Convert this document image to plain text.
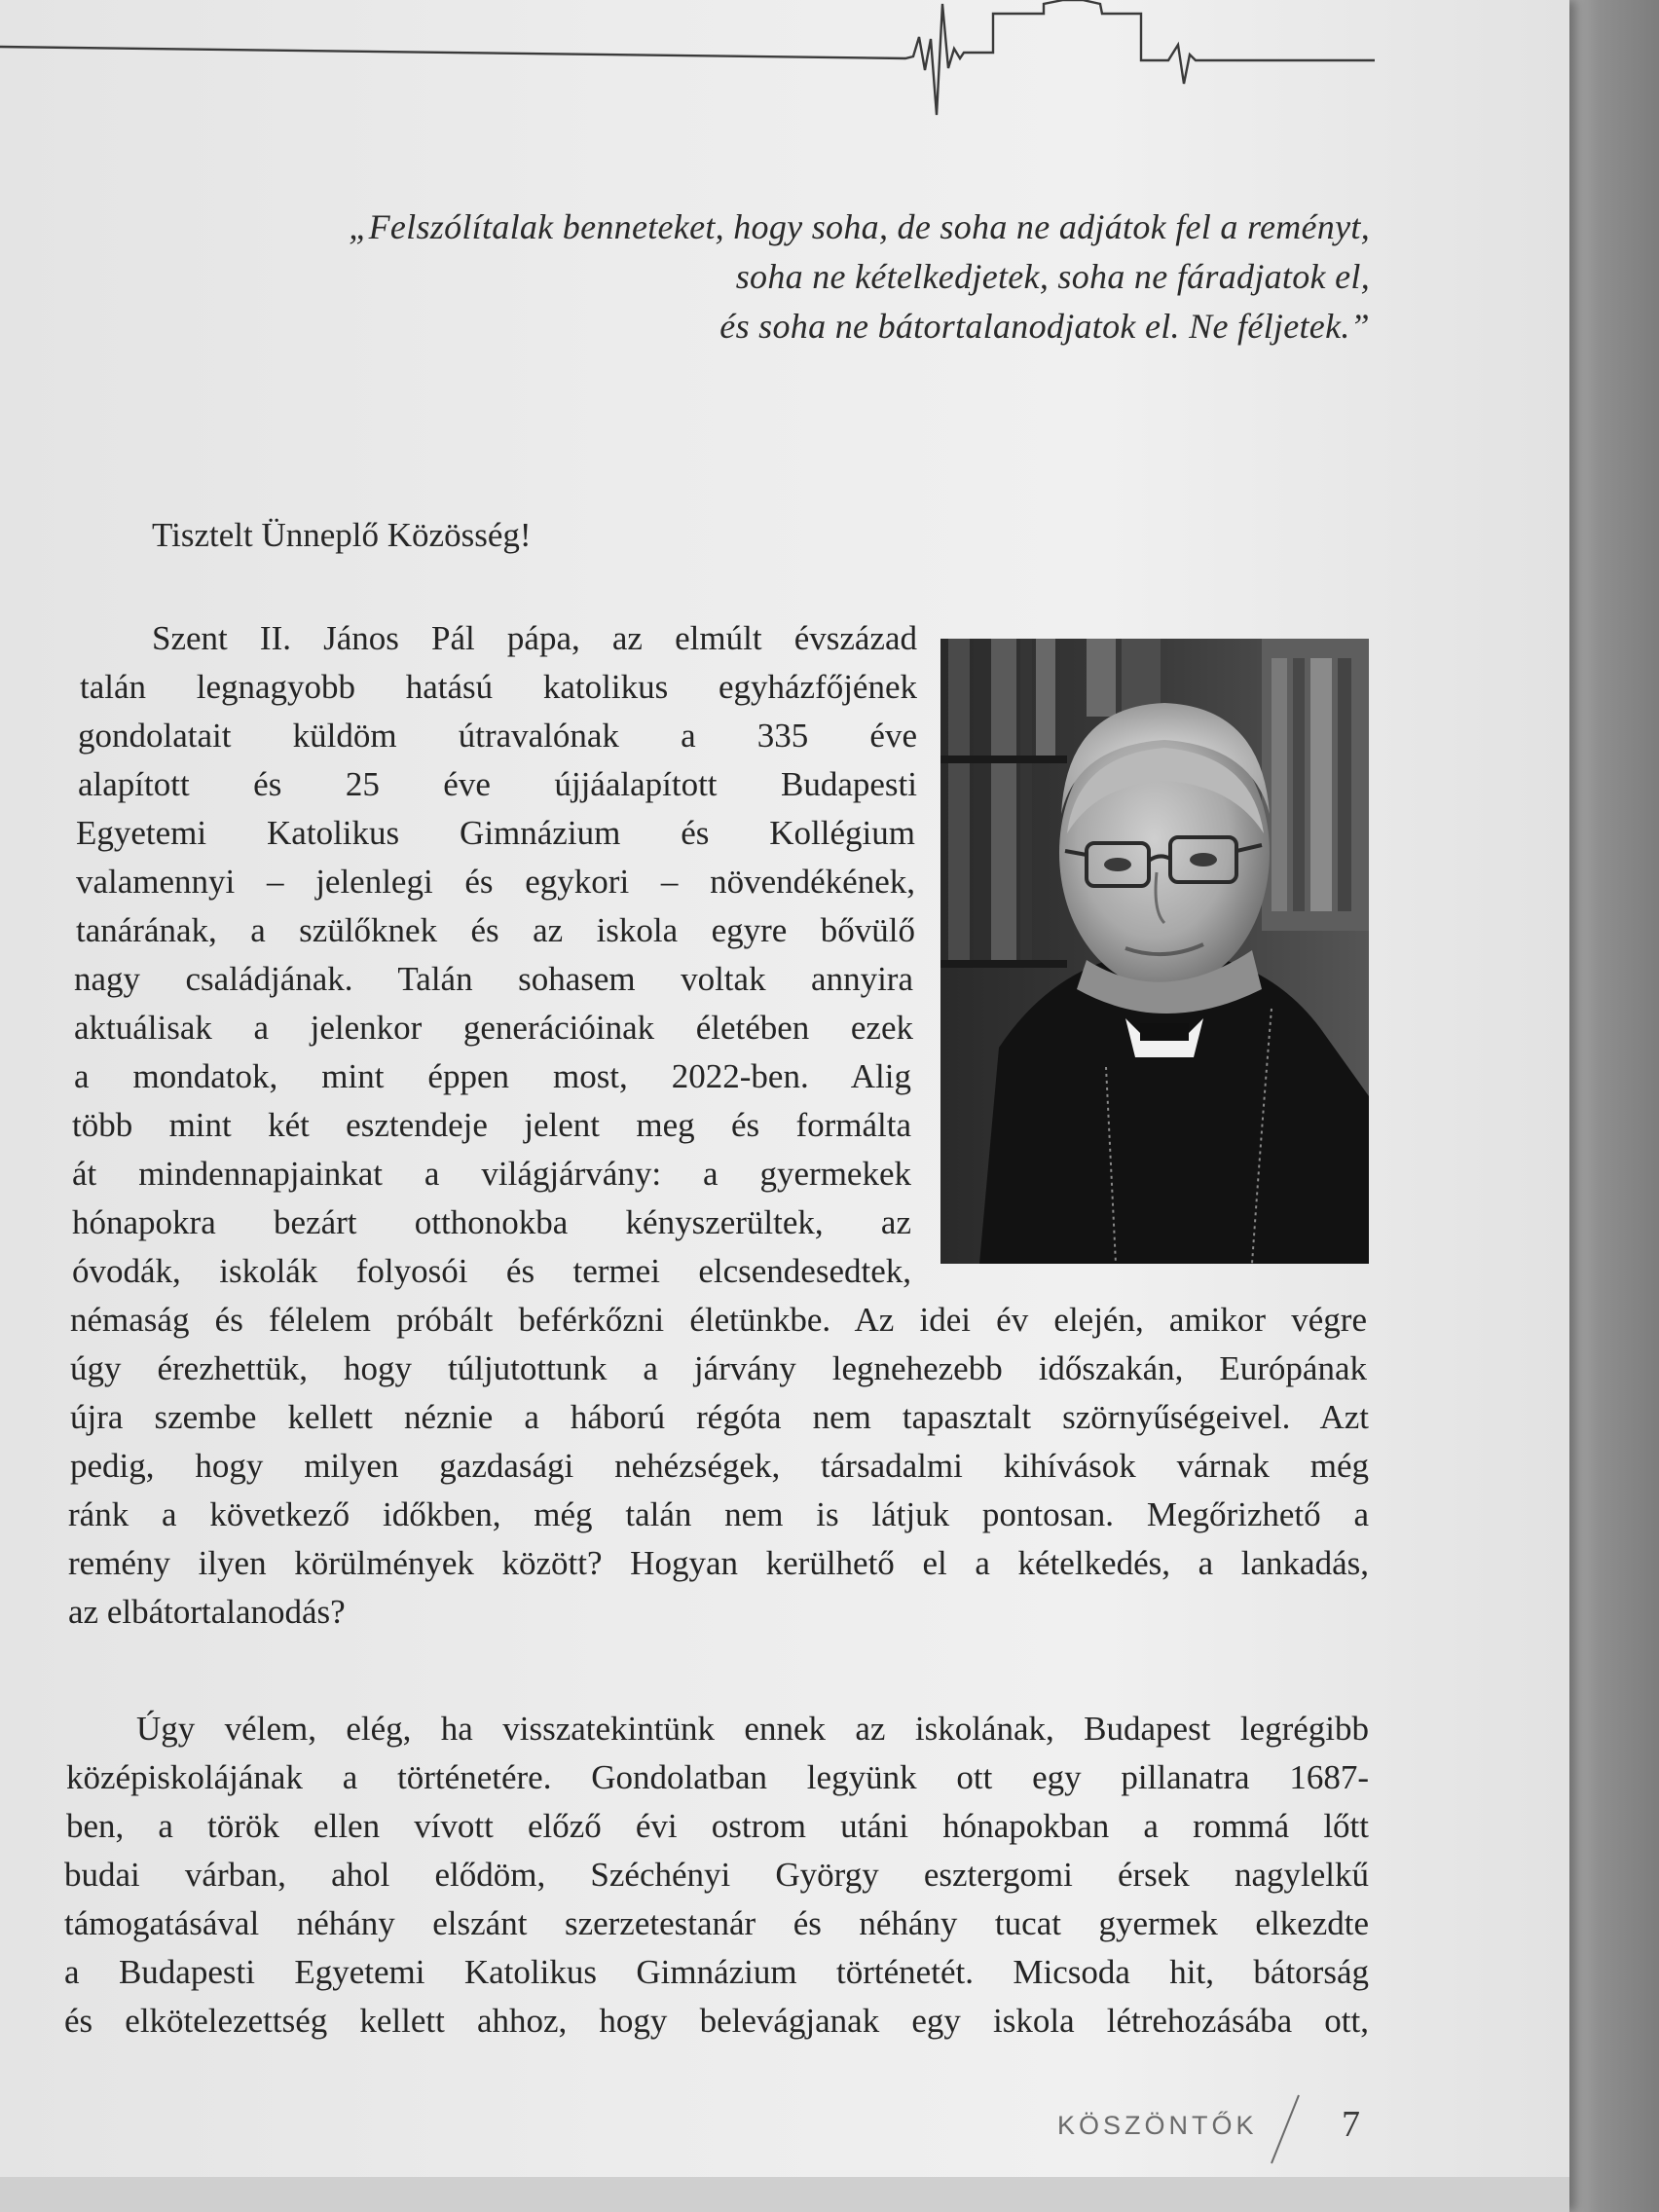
„Felszólítalak benneteket, hogy soha, de soha ne adjátok fel a reményt,
soha ne kételkedjetek, soha ne fáradjatok el,
és soha ne bátortalanodjatok el. Ne féljetek.”
Tisztelt Ünneplő Közösség!
Szent II. János Pál pápa, az elmúlt évszázad
talán legnagyobb hatású katolikus egyházfőjének
gondolatait küldöm útravalónak a 335 éve
alapított és 25 éve újjáalapított Budapesti
Egyetemi Katolikus Gimnázium és Kollégium
valamennyi – jelenlegi és egykori – növendékének,
tanárának, a szülőknek és az iskola egyre bővülő
nagy családjának. Talán sohasem voltak annyira
aktuálisak a jelenkor generációinak életében ezek
a mondatok, mint éppen most, 2022-ben. Alig
több mint két esztendeje jelent meg és formálta
át mindennapjainkat a világjárvány: a gyermekek
hónapokra bezárt otthonokba kényszerültek, az
óvodák, iskolák folyosói és termei elcsendesedtek,
némaság és félelem próbált beférkőzni életünkbe. Az idei év elején, amikor végre
úgy érezhettük, hogy túljutottunk a járvány legnehezebb időszakán, Európának
újra szembe kellett néznie a háború régóta nem tapasztalt szörnyűségeivel. Azt
pedig, hogy milyen gazdasági nehézségek, társadalmi kihívások várnak még
ránk a következő időkben, még talán nem is látjuk pontosan. Megőrizhető a
remény ilyen körülmények között? Hogyan kerülhető el a kételkedés, a lankadás,
az elbátortalanodás?
Úgy vélem, elég, ha visszatekintünk ennek az iskolának, Budapest legrégibb
középiskolájának a történetére. Gondolatban legyünk ott egy pillanatra 1687-
ben, a török ellen vívott előző évi ostrom utáni hónapokban a rommá lőtt
budai várban, ahol elődöm, Széchényi György esztergomi érsek nagylelkű
támogatásával néhány elszánt szerzetestanár és néhány tucat gyermek elkezdte
a Budapesti Egyetemi Katolikus Gimnázium történetét. Micsoda hit, bátorság
és elkötelezettség kellett ahhoz, hogy belevágjanak egy iskola létrehozásába ott,
KÖSZÖNTŐK 7
